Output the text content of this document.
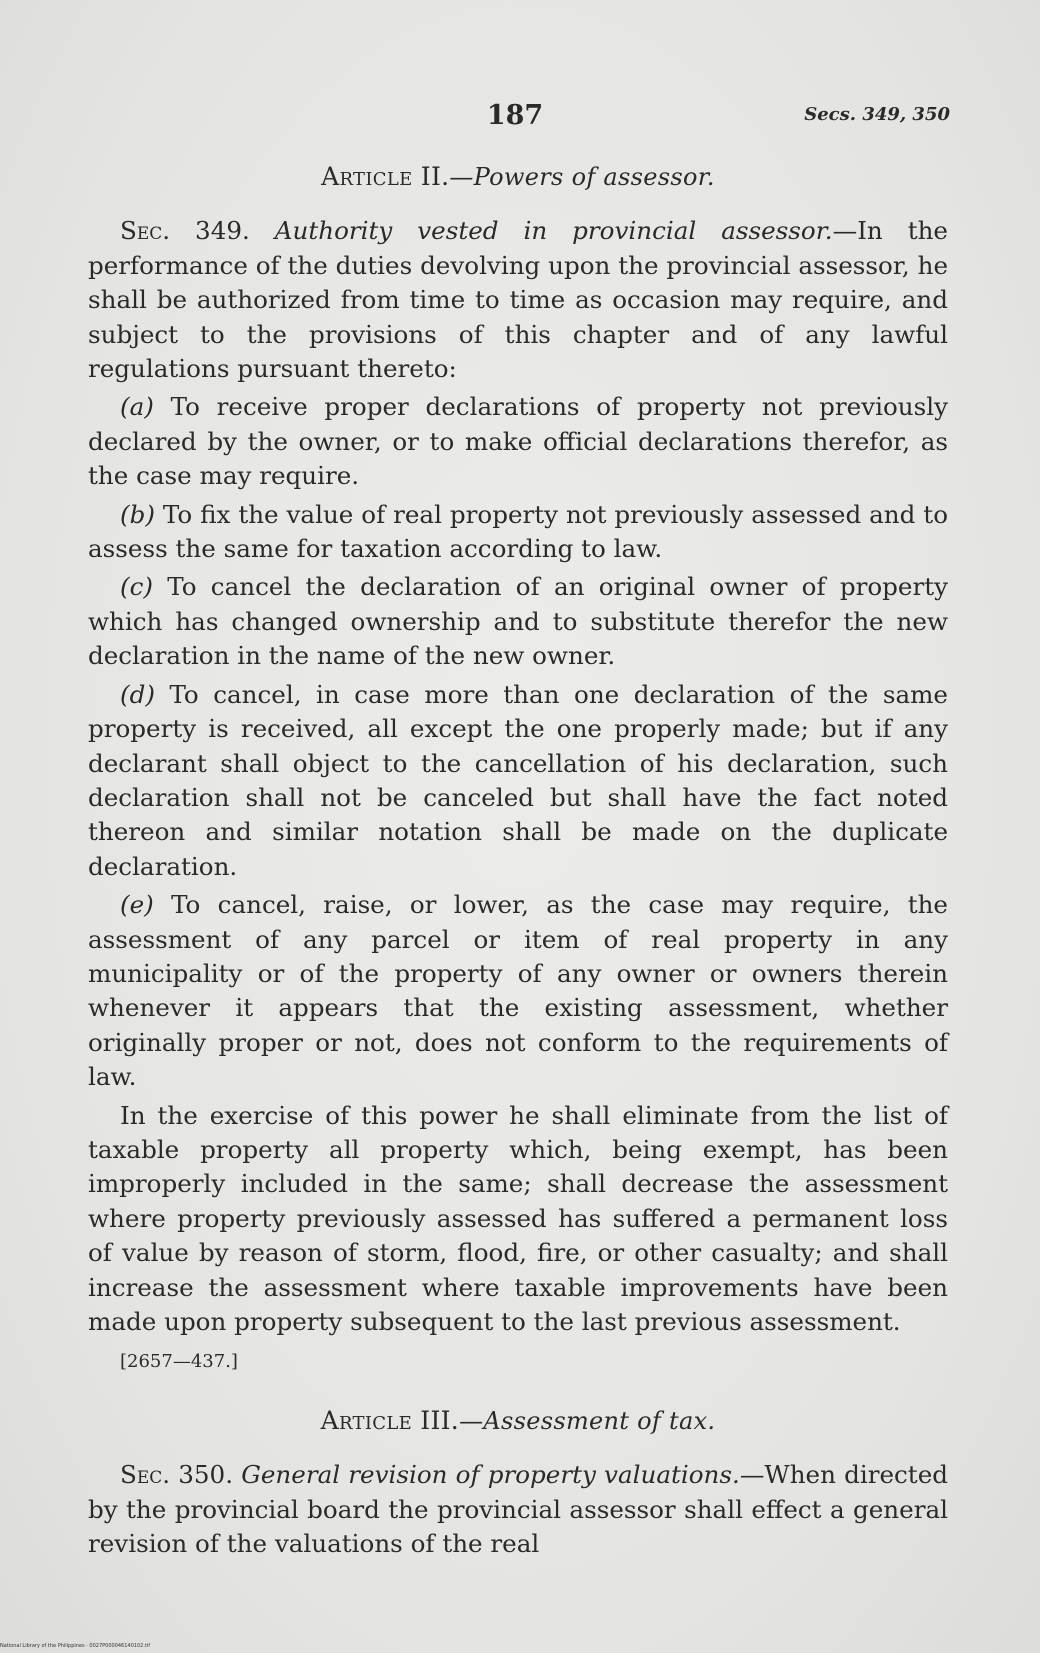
187	Secs. 349, 350
Article II.—Powers of assessor.

Sec. 349. Authority vested in provincial assessor.—In the performance of the duties devolving upon the provincial assessor, he shall be authorized from time to time as occasion may require, and subject to the provisions of this chapter and of any lawful regulations pursuant thereto:

(a) To receive proper declarations of property not previously declared by the owner, or to make official declarations therefor, as the case may require.

(b) To fix the value of real property not previously assessed and to assess the same for taxation according to law.

(c) To cancel the declaration of an original owner of property which has changed ownership and to substitute therefor the new declaration in the name of the new owner.

(d) To cancel, in case more than one declaration of the same property is received, all except the one properly made; but if any declarant shall object to the cancellation of his declaration, such declaration shall not be canceled but shall have the fact noted thereon and similar notation shall be made on the duplicate declaration.

(e) To cancel, raise, or lower, as the case may require, the assessment of any parcel or item of real property in any municipality or of the property of any owner or owners therein whenever it appears that the existing assessment, whether originally proper or not, does not conform to the requirements of law.

In the exercise of this power he shall eliminate from the list of taxable property all property which, being exempt, has been improperly included in the same; shall decrease the assessment where property previously assessed has suffered a permanent loss of value by reason of storm, flood, fire, or other casualty; and shall increase the assessment where taxable improvements have been made upon property subsequent to the last previous assessment.

[2657—437.]
Article III.—Assessment of tax.

Sec. 350. General revision of property valuations.—When directed by the provincial board the provincial assessor shall effect a general revision of the valuations of the real

National Library of the Philippines · 0027P000046140102.tif
